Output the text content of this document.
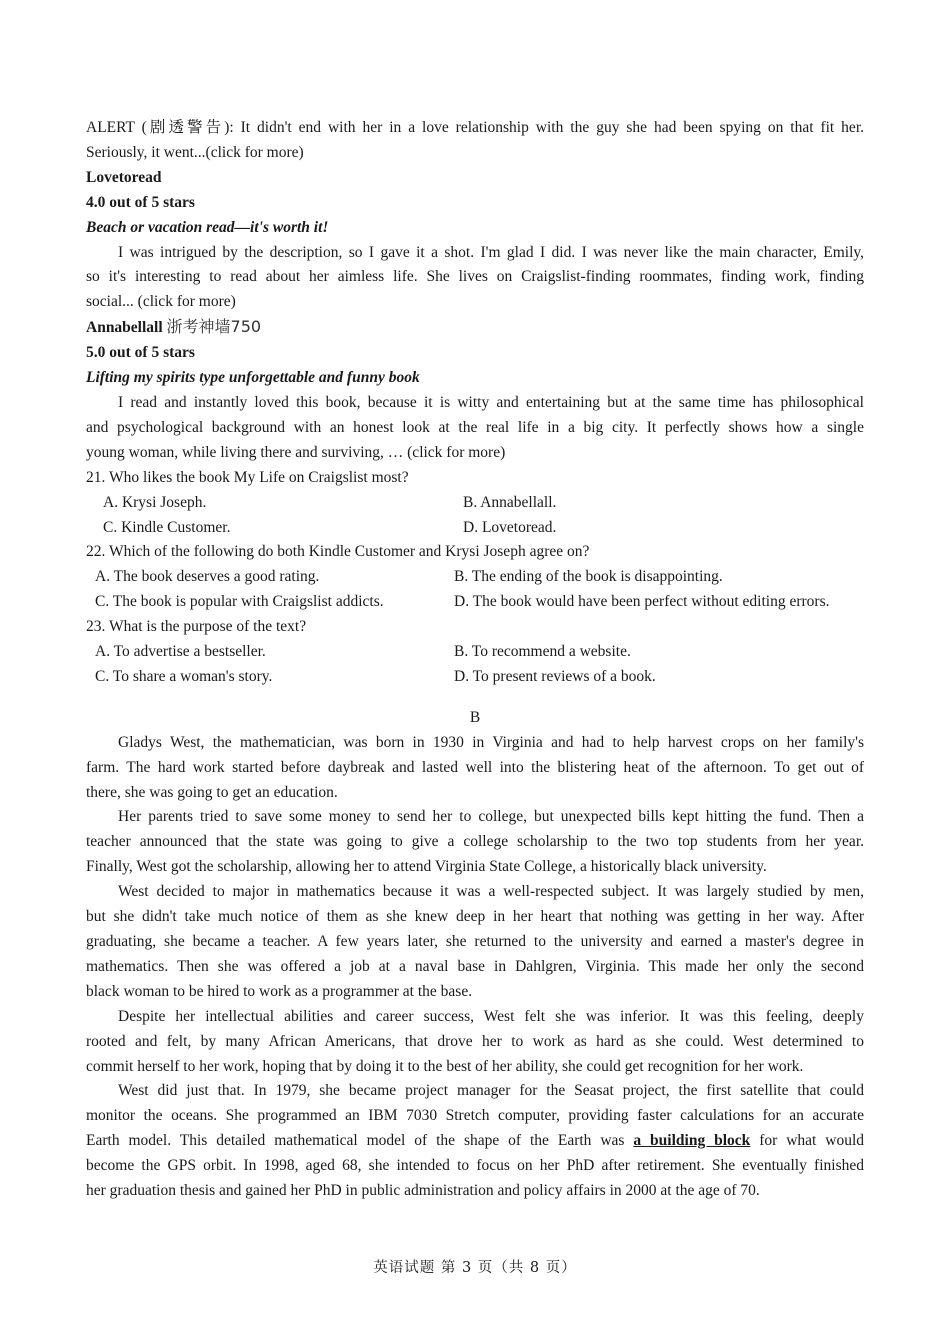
ALERT (剧透警告): It didn't end with her in a love relationship with the guy she had been spying on that fit her.
Seriously, it went...(click for more)
Lovetoread
4.0 out of 5 stars
Beach or vacation read—it's worth it!
I was intrigued by the description, so I gave it a shot. I'm glad I did. I was never like the main character, Emily,
so it's interesting to read about her aimless life. She lives on Craigslist-finding roommates, finding work, finding
social... (click for more)
Annabellall 浙考神墙750
5.0 out of 5 stars
Lifting my spirits type unforgettable and funny book
I read and instantly loved this book, because it is witty and entertaining but at the same time has philosophical
and psychological background with an honest look at the real life in a big city. It perfectly shows how a single
young woman, while living there and surviving, … (click for more)
21. Who likes the book My Life on Craigslist most?
A. Krysi Joseph.	B. Annabellall.
C. Kindle Customer.	D. Lovetoread.
22. Which of the following do both Kindle Customer and Krysi Joseph agree on?
A. The book deserves a good rating.	B. The ending of the book is disappointing.
C. The book is popular with Craigslist addicts.	D. The book would have been perfect without editing errors.
23. What is the purpose of the text?
A. To advertise a bestseller.	B. To recommend a website.
C. To share a woman's story.	D. To present reviews of a book.
B
Gladys West, the mathematician, was born in 1930 in Virginia and had to help harvest crops on her family's
farm. The hard work started before daybreak and lasted well into the blistering heat of the afternoon. To get out of
there, she was going to get an education.
Her parents tried to save some money to send her to college, but unexpected bills kept hitting the fund. Then a
teacher announced that the state was going to give a college scholarship to the two top students from her year.
Finally, West got the scholarship, allowing her to attend Virginia State College, a historically black university.
West decided to major in mathematics because it was a well-respected subject. It was largely studied by men,
but she didn't take much notice of them as she knew deep in her heart that nothing was getting in her way. After
graduating, she became a teacher. A few years later, she returned to the university and earned a master's degree in
mathematics. Then she was offered a job at a naval base in Dahlgren, Virginia. This made her only the second
black woman to be hired to work as a programmer at the base.
Despite her intellectual abilities and career success, West felt she was inferior. It was this feeling, deeply
rooted and felt, by many African Americans, that drove her to work as hard as she could. West determined to
commit herself to her work, hoping that by doing it to the best of her ability, she could get recognition for her work.
West did just that. In 1979, she became project manager for the Seasat project, the first satellite that could
monitor the oceans. She programmed an IBM 7030 Stretch computer, providing faster calculations for an accurate
Earth model. This detailed mathematical model of the shape of the Earth was a building block for what would
become the GPS orbit. In 1998, aged 68, she intended to focus on her PhD after retirement. She eventually finished
her graduation thesis and gained her PhD in public administration and policy affairs in 2000 at the age of 70.
英语试题 第 3 页（共 8 页）
